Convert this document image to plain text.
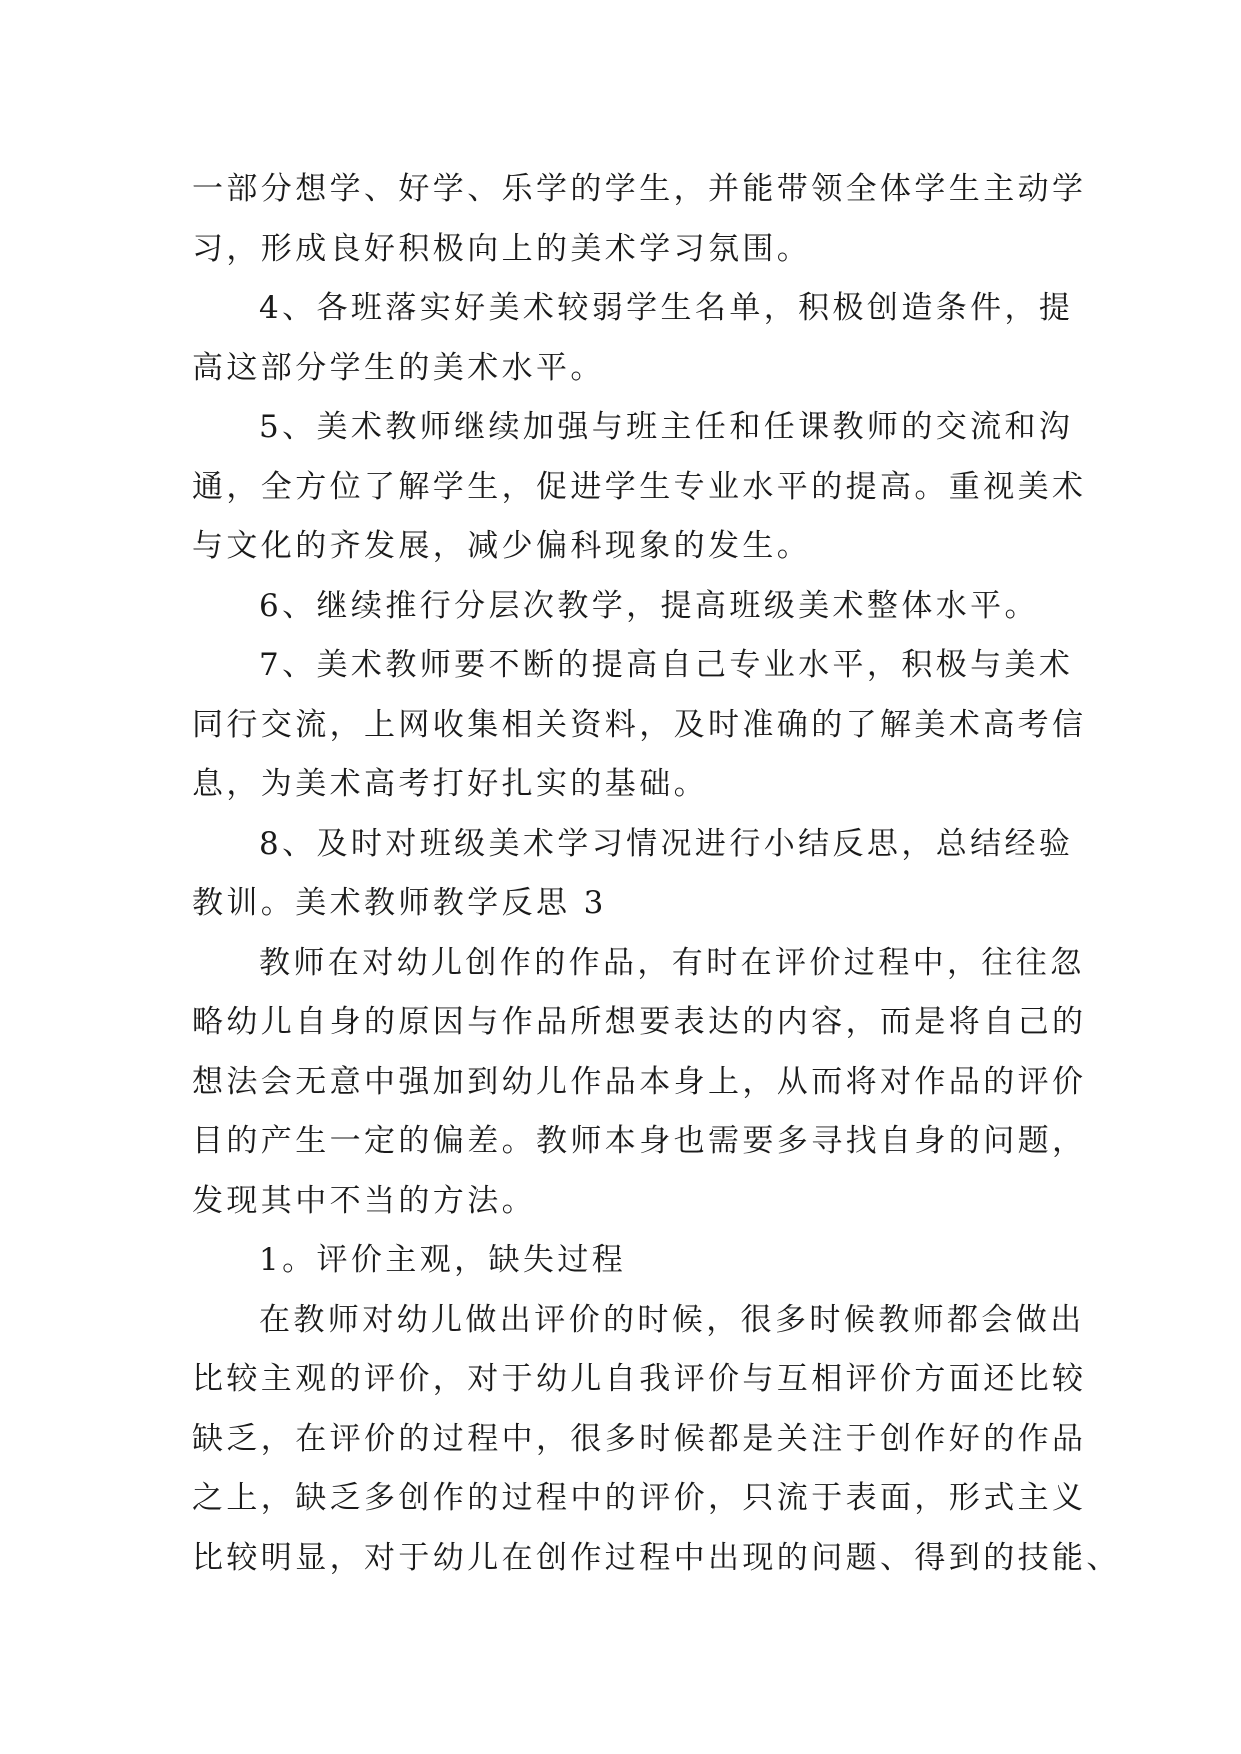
一部分想学、好学、乐学的学生，并能带领全体学生主动学
习，形成良好积极向上的美术学习氛围。
4、各班落实好美术较弱学生名单，积极创造条件，提
高这部分学生的美术水平。
5、美术教师继续加强与班主任和任课教师的交流和沟
通，全方位了解学生，促进学生专业水平的提高。重视美术
与文化的齐发展，减少偏科现象的发生。
6、继续推行分层次教学，提高班级美术整体水平。
7、美术教师要不断的提高自己专业水平，积极与美术
同行交流，上网收集相关资料，及时准确的了解美术高考信
息，为美术高考打好扎实的基础。
8、及时对班级美术学习情况进行小结反思，总结经验
教训。美术教师教学反思 3
教师在对幼儿创作的作品，有时在评价过程中，往往忽
略幼儿自身的原因与作品所想要表达的内容，而是将自己的
想法会无意中强加到幼儿作品本身上，从而将对作品的评价
目的产生一定的偏差。教师本身也需要多寻找自身的问题，
发现其中不当的方法。
1。评价主观，缺失过程
在教师对幼儿做出评价的时候，很多时候教师都会做出
比较主观的评价，对于幼儿自我评价与互相评价方面还比较
缺乏，在评价的过程中，很多时候都是关注于创作好的作品
之上，缺乏多创作的过程中的评价，只流于表面，形式主义
比较明显，对于幼儿在创作过程中出现的问题、得到的技能、
